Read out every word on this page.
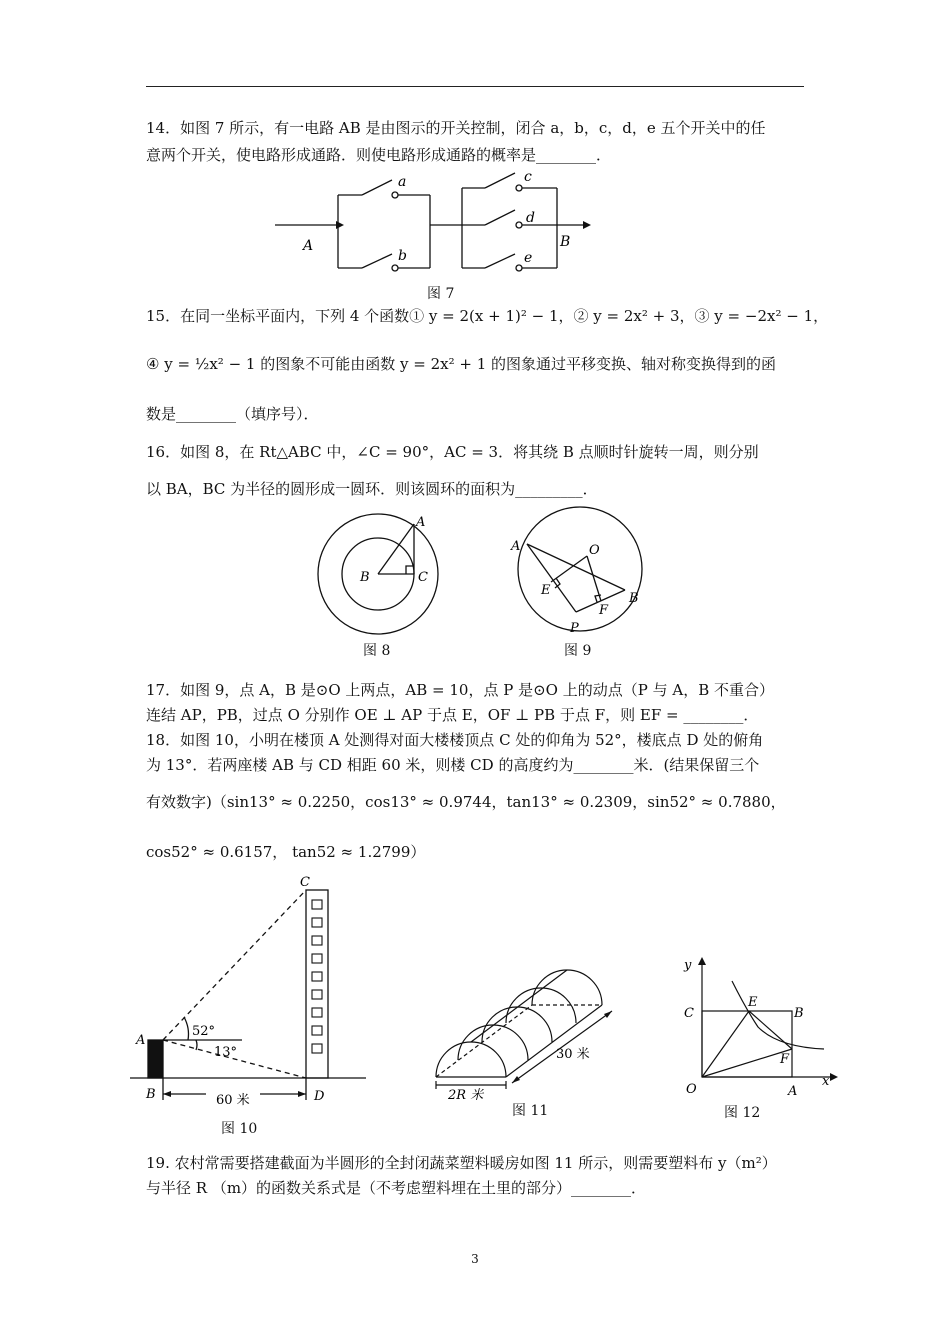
14．如图 7 所示，有一电路 AB 是由图示的开关控制，闭合 a，b，c，d，e 五个开关中的任
意两个开关，使电路形成通路．则使电路形成通路的概率是________．
a
b
c
d
e
A	B
图 7
15．在同一坐标平面内，下列 4 个函数① y = 2(x + 1)² − 1，② y = 2x² + 3，③ y = −2x² − 1，
④ y = ½x² − 1 的图象不可能由函数 y = 2x² + 1 的图象通过平移变换、轴对称变换得到的函
数是________（填序号）．
16．如图 8，在 Rt△ABC 中，∠C = 90°，AC = 3．将其绕 B 点顺时针旋转一周，则分别
以 BA，BC 为半径的圆形成一圆环．则该圆环的面积为_________．
A
B	C
图 8
A	O
E
F
B
P
图 9
17．如图 9，点 A，B 是⊙O 上两点，AB = 10，点 P 是⊙O 上的动点（P 与 A，B 不重合）
连结 AP，PB，过点 O 分别作 OE ⊥ AP 于点 E，OF ⊥ PB 于点 F，则 EF = ________．
18．如图 10，小明在楼顶 A 处测得对面大楼楼顶点 C 处的仰角为 52°，楼底点 D 处的俯角
为 13°．若两座楼 AB 与 CD 相距 60 米，则楼 CD 的高度约为________米．(结果保留三个
有效数字)（sin13° ≈ 0.2250，cos13° ≈ 0.9744，tan13° ≈ 0.2309，sin52° ≈ 0.7880，
cos52° ≈ 0.6157， tan52 ≈ 1.2799）
C
A
B	D
52°
13°
60 米
图 10
30 米
2R 米
图 11
y
x
C
E
B
F
O	A
图 12
19. 农村常需要搭建截面为半圆形的全封闭蔬菜塑料暖房如图 11 所示，则需要塑料布 y（m²）
与半径 R （m）的函数关系式是（不考虑塑料埋在土里的部分）________．
3
